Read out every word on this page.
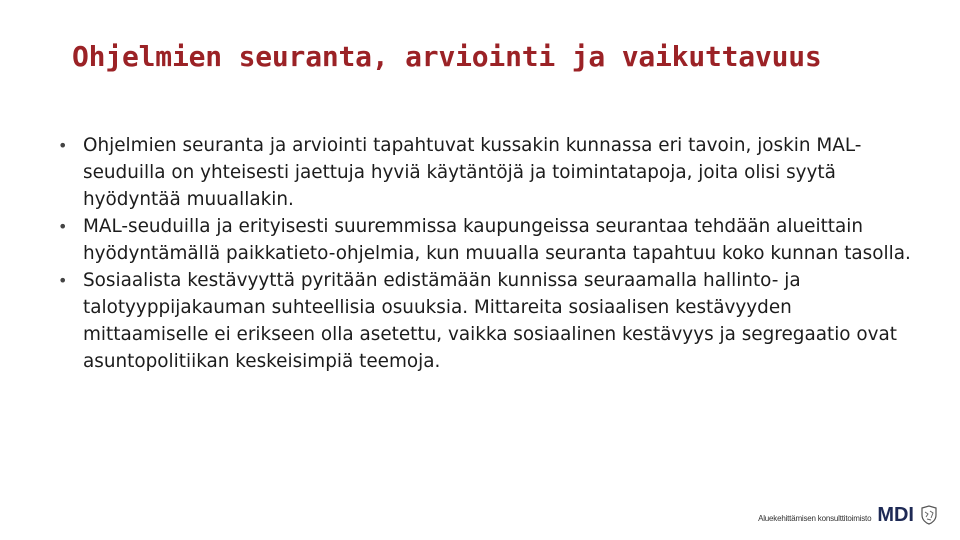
Ohjelmien seuranta, arviointi ja vaikuttavuus
• Ohjelmien seuranta ja arviointi tapahtuvat kussakin kunnassa eri tavoin, joskin MAL-seuduilla on yhteisesti jaettuja hyviä käytäntöjä ja toimintatapoja, joita olisi syytä hyödyntää muuallakin.
• MAL-seuduilla ja erityisesti suuremmissa kaupungeissa seurantaa tehdään alueittain hyödyntämällä paikkatieto-ohjelmia, kun muualla seuranta tapahtuu koko kunnan tasolla.
• Sosiaalista kestävyyttä pyritään edistämään kunnissa seuraamalla hallinto- ja talotyyppijakauman suhteellisia osuuksia. Mittareita sosiaalisen kestävyyden mittaamiselle ei erikseen olla asetettu, vaikka sosiaalinen kestävyys ja segregaatio ovat asuntopolitiikan keskeisimpiä teemoja.
Aluekehittämisen konsulttitoimisto MDI
